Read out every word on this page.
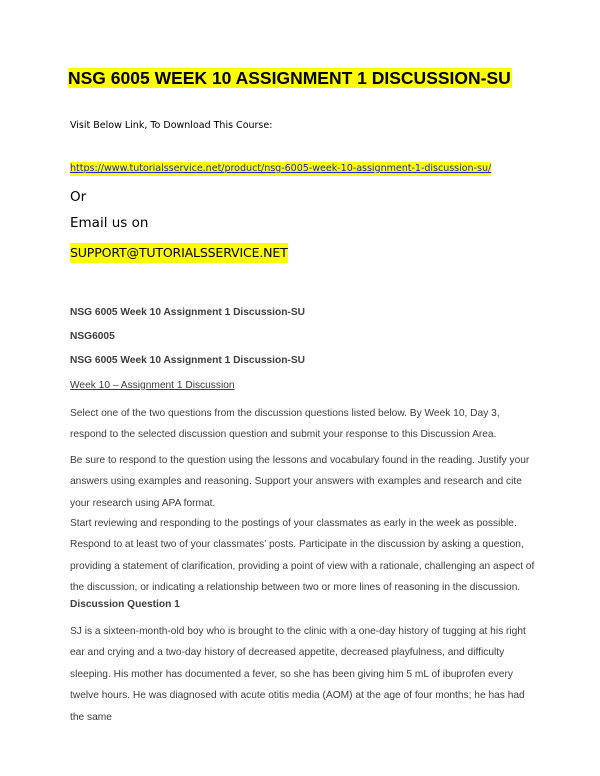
NSG 6005 WEEK 10 ASSIGNMENT 1 DISCUSSION-SU
Visit Below Link, To Download This Course:
https://www.tutorialsservice.net/product/nsg-6005-week-10-assignment-1-discussion-su/
Or
Email us on
SUPPORT@TUTORIALSSERVICE.NET

NSG 6005 Week 10 Assignment 1 Discussion-SU

NSG6005

NSG 6005 Week 10 Assignment 1 Discussion-SU

Week 10 – Assignment 1 Discussion

Select one of the two questions from the discussion questions listed below. By Week 10, Day 3, respond to the selected discussion question and submit your response to this Discussion Area.

Be sure to respond to the question using the lessons and vocabulary found in the reading. Justify your answers using examples and reasoning. Support your answers with examples and research and cite your research using APA format.

Start reviewing and responding to the postings of your classmates as early in the week as possible. Respond to at least two of your classmates’ posts. Participate in the discussion by asking a question, providing a statement of clarification, providing a point of view with a rationale, challenging an aspect of the discussion, or indicating a relationship between two or more lines of reasoning in the discussion.

Discussion Question 1

SJ is a sixteen-month-old boy who is brought to the clinic with a one-day history of tugging at his right ear and crying and a two-day history of decreased appetite, decreased playfulness, and difficulty sleeping. His mother has documented a fever, so she has been giving him 5 mL of ibuprofen every twelve hours. He was diagnosed with acute otitis media (AOM) at the age of four months; he has had the same
